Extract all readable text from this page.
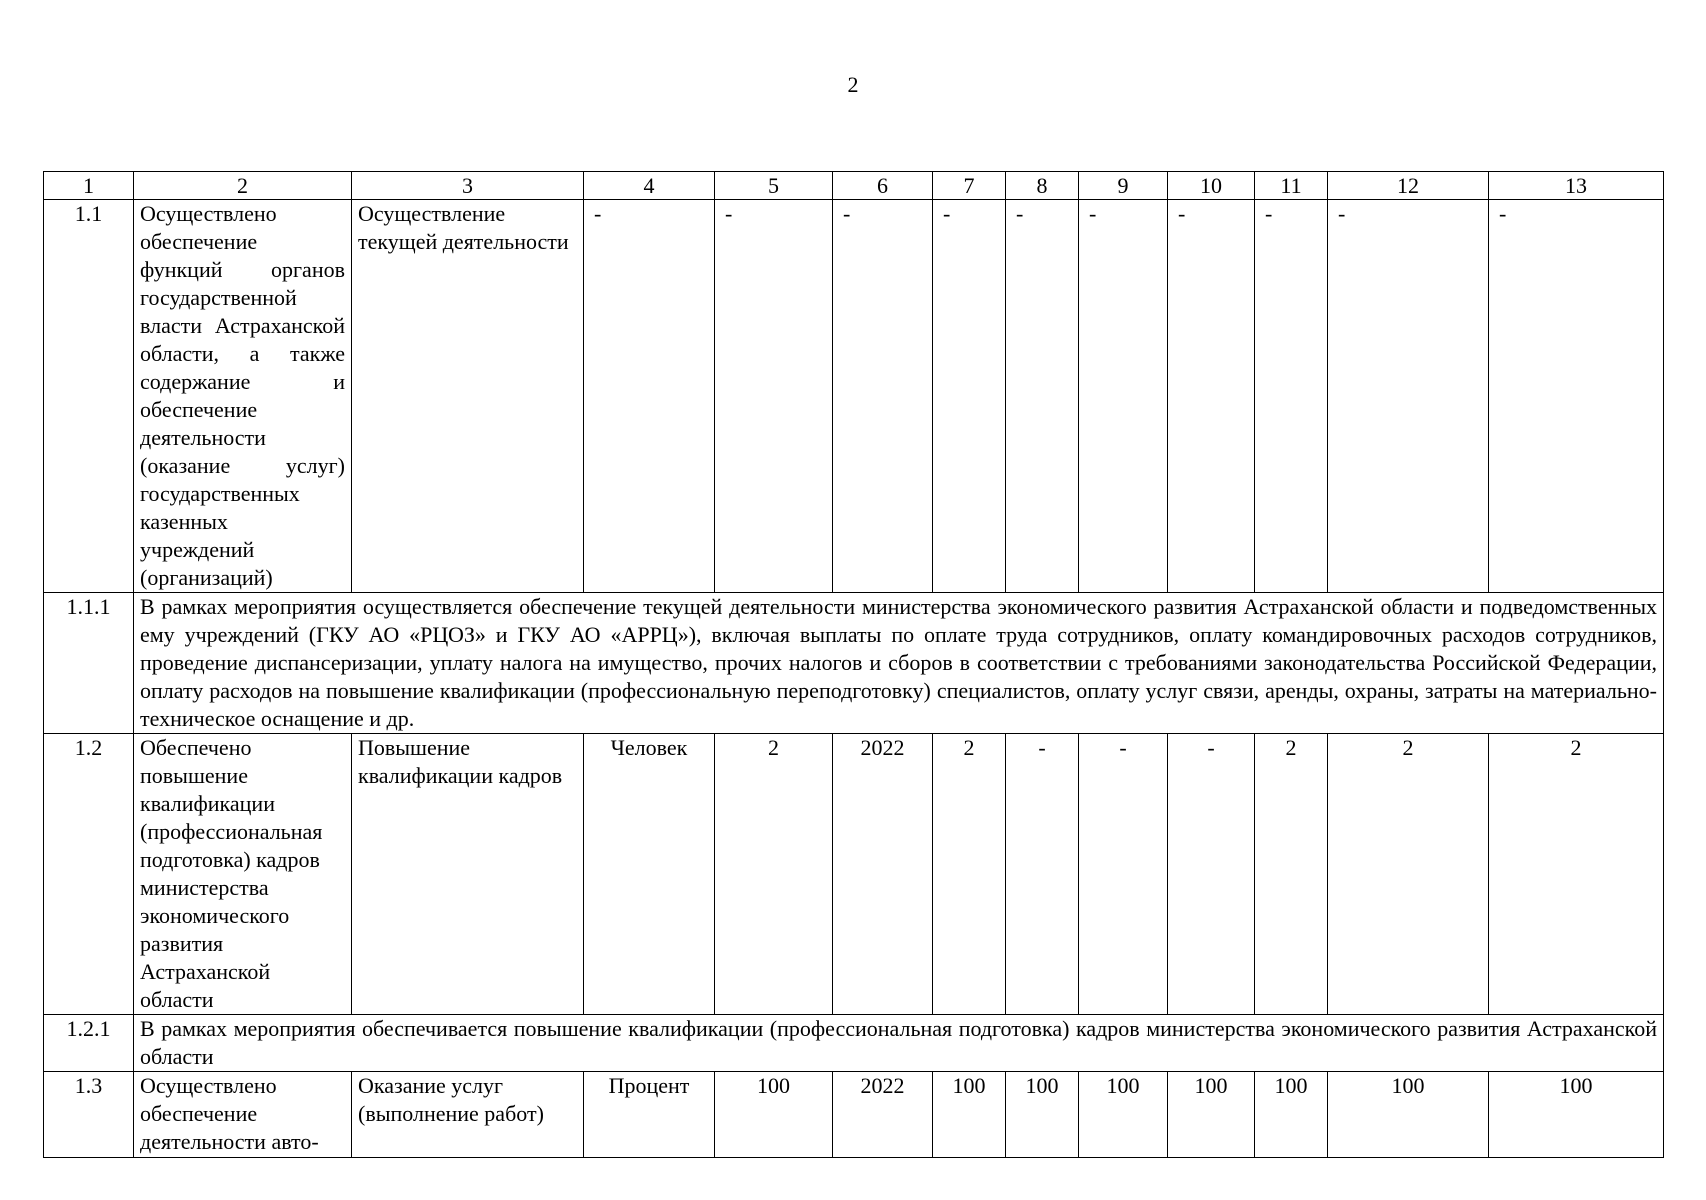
2
1	2	3	4	5	6	7	8	9	10	11	12	13
1.1	Осуществлено обеспечение функций органов государственной власти Астраханской области, а также содержание и обеспечение деятельности (оказание услуг) государственных казенных учреждений (организаций)	Осуществление текущей деятельности	-	-	-	-	-	-	-	-	-	-

1.1.1	В рамках мероприятия осуществляется обеспечение текущей деятельности министерства экономического развития Астраханской области и подведомственных ему учреждений (ГКУ АО «РЦОЗ» и ГКУ АО «АРРЦ»), включая выплаты по оплате труда сотрудников, оплату командировочных расходов сотрудников, проведение диспансеризации, уплату налога на имущество, прочих налогов и сборов в соответствии с требованиями законодательства Российской Федерации, оплату расходов на повышение квалификации (профессиональную переподготовку) специалистов, оплату услуг связи, аренды, охраны, затраты на материально-техническое оснащение и др.											
1.2	Обеспечено повышение квалификации (профессиональная подготовка) кадров министерства экономического развития Астраханской области	Повышение квалификации кадров	Человек	2	2022	2	-	-	-	2	2	2
1.2.1	В рамках мероприятия обеспечивается повышение квалификации (профессиональная подготовка) кадров министерства экономического развития Астраханской области											
1.3	Осуществлено обеспечение деятельности авто-	Оказание услуг (выполнение работ)	Процент	100	2022	100	100	100	100	100	100	100
